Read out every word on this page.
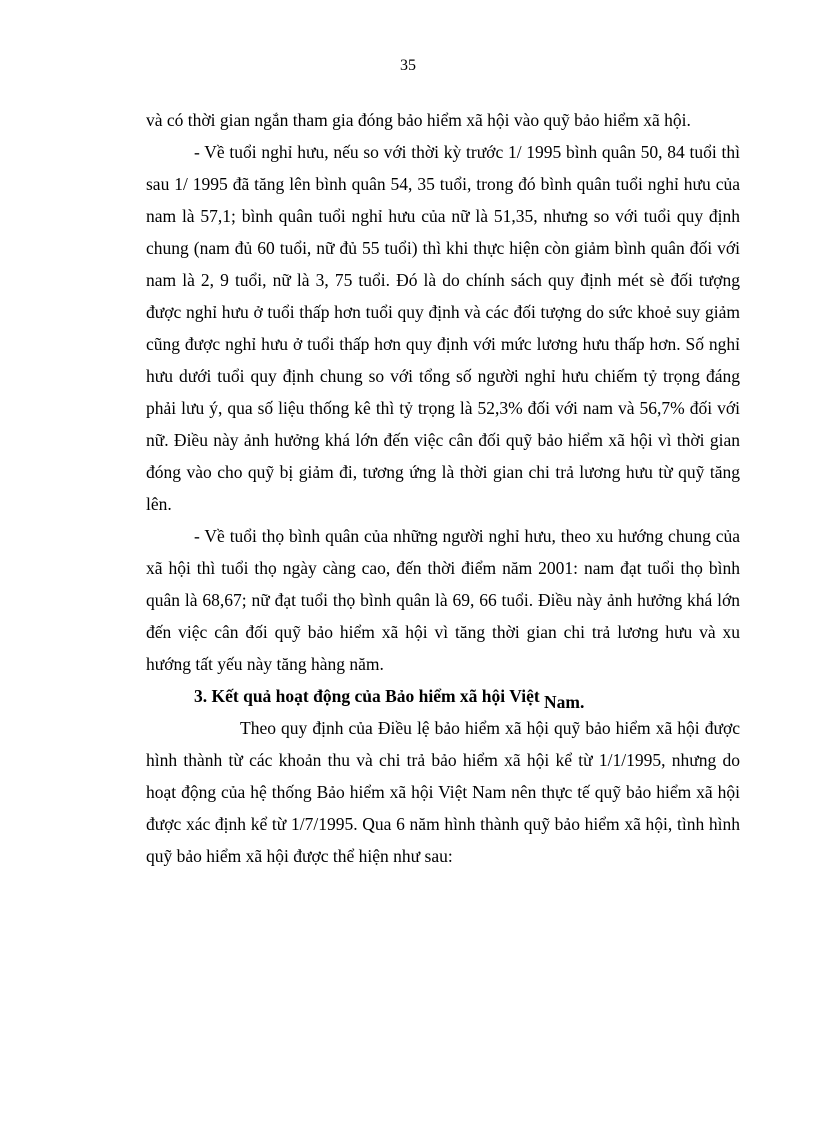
35

và có thời gian ngắn tham gia đóng bảo hiểm xã hội vào quỹ bảo hiểm xã hội.

- Về tuổi nghỉ hưu, nếu so với thời kỳ trước 1/ 1995 bình quân 50, 84 tuổi thì sau 1/ 1995 đã tăng lên bình quân 54, 35 tuổi, trong đó bình quân tuổi nghỉ hưu của nam là 57,1; bình quân tuổi nghỉ hưu của nữ là 51,35, nhưng so với tuổi quy định chung (nam đủ 60 tuổi, nữ đủ 55 tuổi) thì khi thực hiện còn giảm bình quân đối với nam là 2, 9 tuổi, nữ là 3, 75 tuổi. Đó là do chính sách quy định mét sè đối tượng được nghỉ hưu ở tuổi thấp hơn tuổi quy định và các đối tượng do sức khoẻ suy giảm cũng được nghỉ hưu ở tuổi thấp hơn quy định với mức lương hưu thấp hơn. Số nghỉ hưu dưới tuổi quy định chung so với tổng số người nghỉ hưu chiếm tỷ trọng đáng phải lưu ý, qua số liệu thống kê thì tỷ trọng là 52,3% đối với nam và 56,7% đối với nữ. Điều này ảnh hưởng khá lớn đến việc cân đối quỹ bảo hiểm xã hội vì thời gian đóng vào cho quỹ bị giảm đi, tương ứng là thời gian chi trả lương hưu từ quỹ tăng lên.

- Về tuổi thọ bình quân của những người nghỉ hưu, theo xu hướng chung của xã hội thì tuổi thọ ngày càng cao, đến thời điểm năm 2001: nam đạt tuổi thọ bình quân là 68,67; nữ đạt tuổi thọ bình quân là 69, 66 tuổi. Điều này ảnh hưởng khá lớn đến việc cân đối quỹ bảo hiểm xã hội vì tăng thời gian chi trả lương hưu và xu hướng tất yếu này tăng hàng năm.

3. Kết quả hoạt động của Bảo hiểm xã hội Việt Nam.

Theo quy định của Điều lệ bảo hiểm xã hội quỹ bảo hiểm xã hội được hình thành từ các khoản thu và chi trả bảo hiểm xã hội kể từ 1/1/1995, nhưng do hoạt động của hệ thống Bảo hiểm xã hội Việt Nam nên thực tế quỹ bảo hiểm xã hội được xác định kể từ 1/7/1995. Qua 6 năm hình thành quỹ bảo hiểm xã hội, tình hình quỹ bảo hiểm xã hội được thể hiện như sau:
